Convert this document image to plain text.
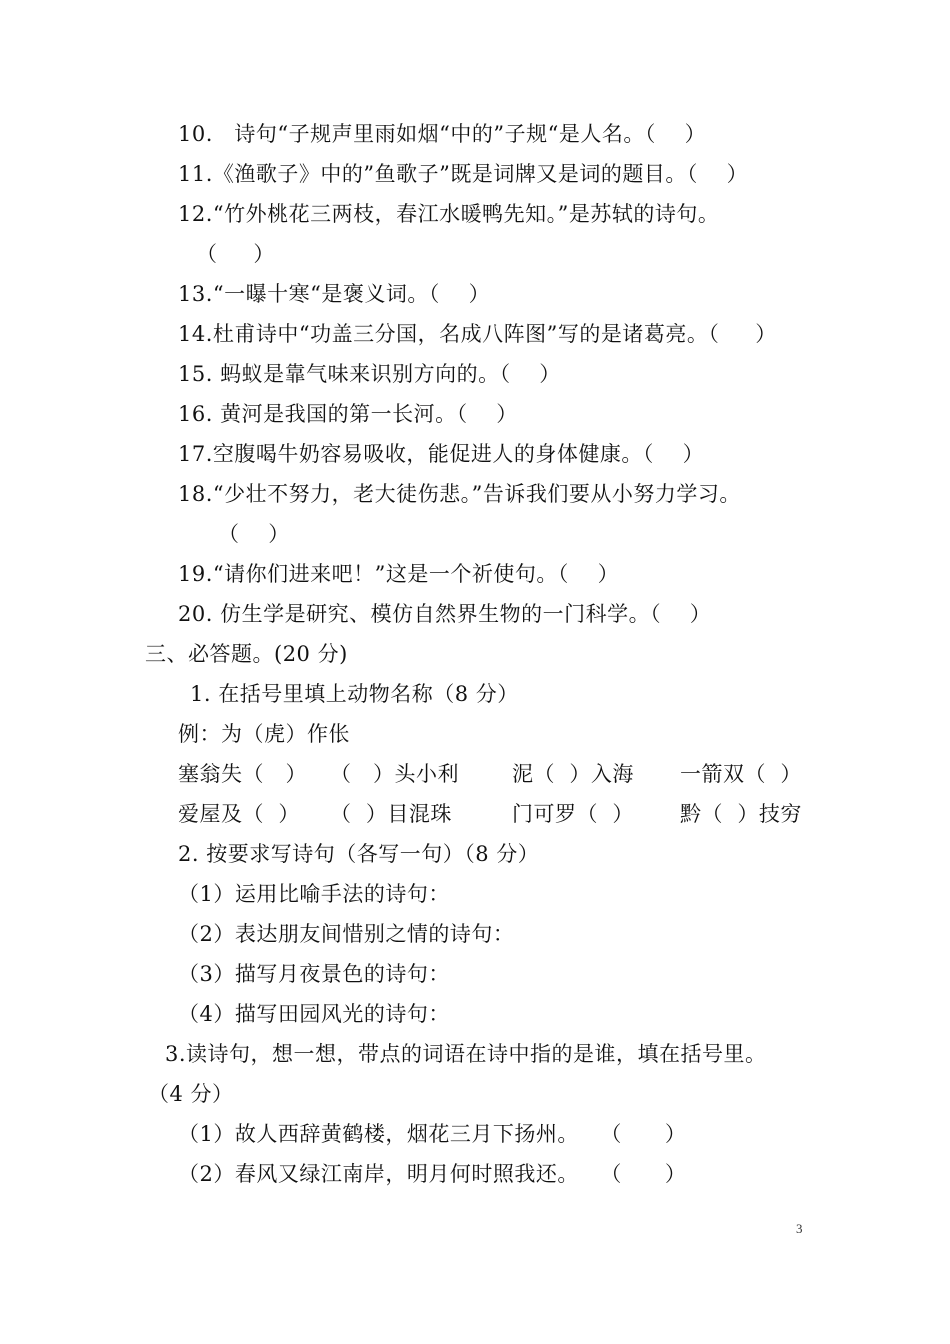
10.   诗句“子规声里雨如烟“中的”子规“是人名。（    ）
11.《渔歌子》中的”鱼歌子”既是词牌又是词的题目。（    ）
12.“竹外桃花三两枝，春江水暖鸭先知。”是苏轼的诗句。
（     ）
13.“一曝十寒“是褒义词。（    ）
14.杜甫诗中“功盖三分国，名成八阵图”写的是诸葛亮。（     ）
15. 蚂蚁是靠气味来识别方向的。（    ）
16. 黄河是我国的第一长河。（    ）
17.空腹喝牛奶容易吸收，能促进人的身体健康。（    ）
18.“少壮不努力，老大徒伤悲。”告诉我们要从小努力学习。
（    ）
19.“请你们进来吧！”这是一个祈使句。（    ）
20. 仿生学是研究、模仿自然界生物的一门科学。（    ）
三、必答题。(20 分)
1. 在括号里填上动物名称（8 分）
例：为（虎）作伥
塞翁失（   ） （   ）头小利	泥（  ）入海 一箭双（  ）
爱屋及（  ） （  ）目混珠	门可罗（  ） 黔（  ）技穷
2. 按要求写诗句（各写一句）（8 分）
（1）运用比喻手法的诗句：
（2）表达朋友间惜别之情的诗句：
（3）描写月夜景色的诗句：
（4）描写田园风光的诗句：
3.读诗句，想一想，带点的词语在诗中指的是谁，填在括号里。
（4 分）
（1）故人西辞黄鹤楼，烟花三月下扬州。   （      ）
（2）春风又绿江南岸，明月何时照我还。   （      ）
3
